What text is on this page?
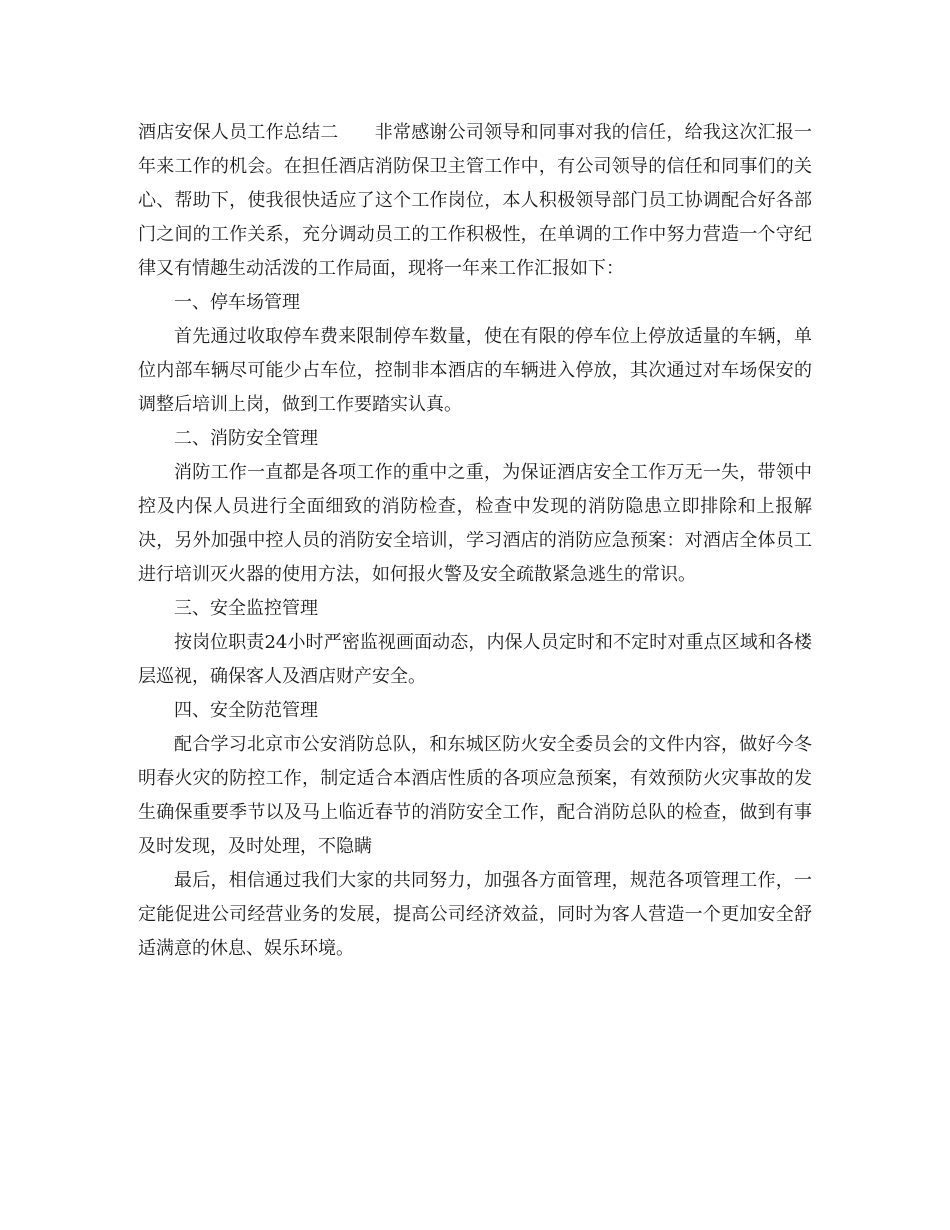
酒店安保人员工作总结二 非常感谢公司领导和同事对我的信任，给我这次汇报一年来工作的机会。在担任酒店消防保卫主管工作中，有公司领导的信任和同事们的关心、帮助下，使我很快适应了这个工作岗位，本人积极领导部门员工协调配合好各部门之间的工作关系，充分调动员工的工作积极性，在单调的工作中努力营造一个守纪律又有情趣生动活泼的工作局面，现将一年来工作汇报如下：

一、停车场管理

首先通过收取停车费来限制停车数量，使在有限的停车位上停放适量的车辆，单位内部车辆尽可能少占车位，控制非本酒店的车辆进入停放，其次通过对车场保安的调整后培训上岗，做到工作要踏实认真。

二、消防安全管理

消防工作一直都是各项工作的重中之重，为保证酒店安全工作万无一失，带领中控及内保人员进行全面细致的消防检查，检查中发现的消防隐患立即排除和上报解决，另外加强中控人员的消防安全培训，学习酒店的消防应急预案：对酒店全体员工进行培训灭火器的使用方法，如何报火警及安全疏散紧急逃生的常识。

三、安全监控管理

按岗位职责24小时严密监视画面动态，内保人员定时和不定时对重点区域和各楼层巡视，确保客人及酒店财产安全。

四、安全防范管理

配合学习北京市公安消防总队，和东城区防火安全委员会的文件内容，做好今冬明春火灾的防控工作，制定适合本酒店性质的各项应急预案，有效预防火灾事故的发生确保重要季节以及马上临近春节的消防安全工作，配合消防总队的检查，做到有事及时发现，及时处理，不隐瞒

最后，相信通过我们大家的共同努力，加强各方面管理，规范各项管理工作，一定能促进公司经营业务的发展，提高公司经济效益，同时为客人营造一个更加安全舒适满意的休息、娱乐环境。
